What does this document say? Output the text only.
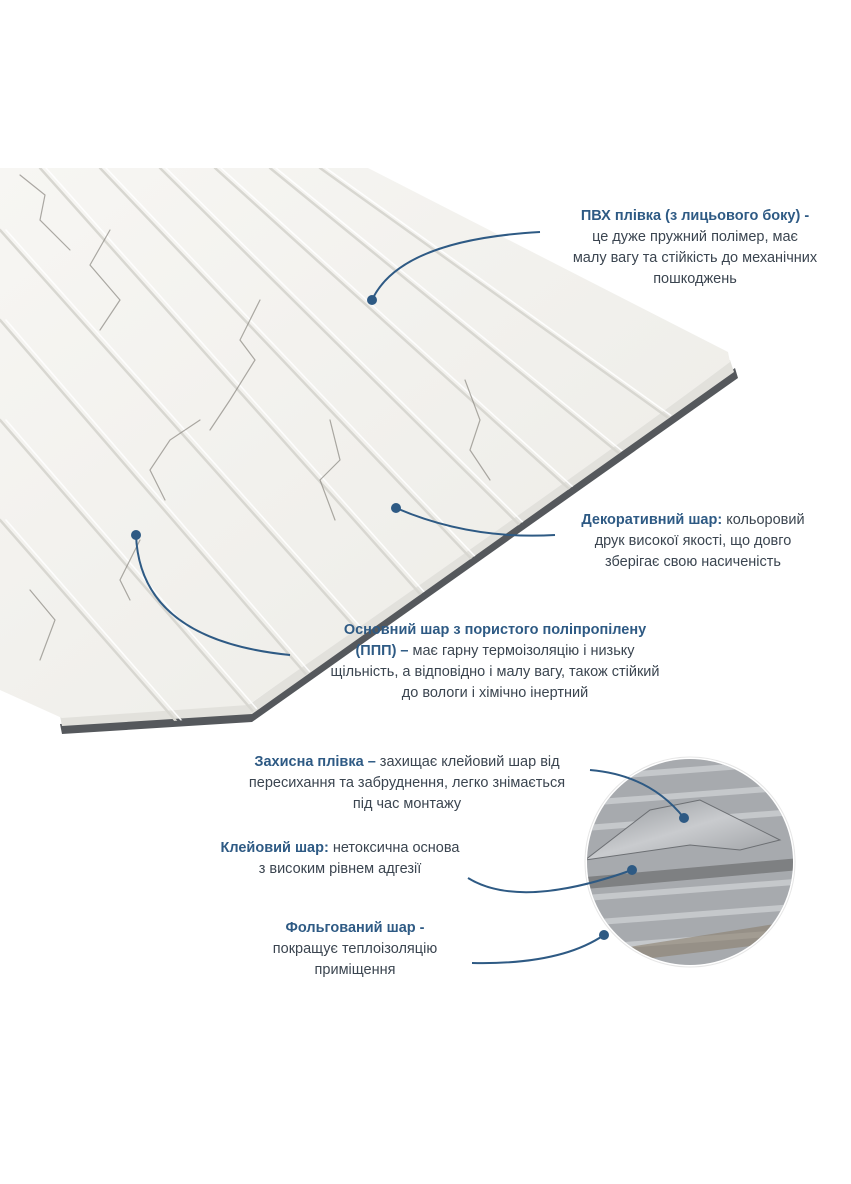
ПВХ плівка (з лицьового боку) -
це дуже пружний полімер, має
малу вагу та стійкість до механічних
пошкоджень
Декоративний шар: кольоровий
друк високої якості, що довго
зберігає свою насиченість
Основний шар з пористого поліпропілену
(ППП) – має гарну термоізоляцію і низьку
щільність, а відповідно і малу вагу, також стійкий
до вологи і хімічно інертний
Захисна плівка – захищає клейовий шар від
пересихання та забруднення, легко знімається
під час монтажу
Клейовий шар: нетоксична основа
з високим рівнем адгезії
Фольгований шар -
покращує теплоізоляцію
приміщення
